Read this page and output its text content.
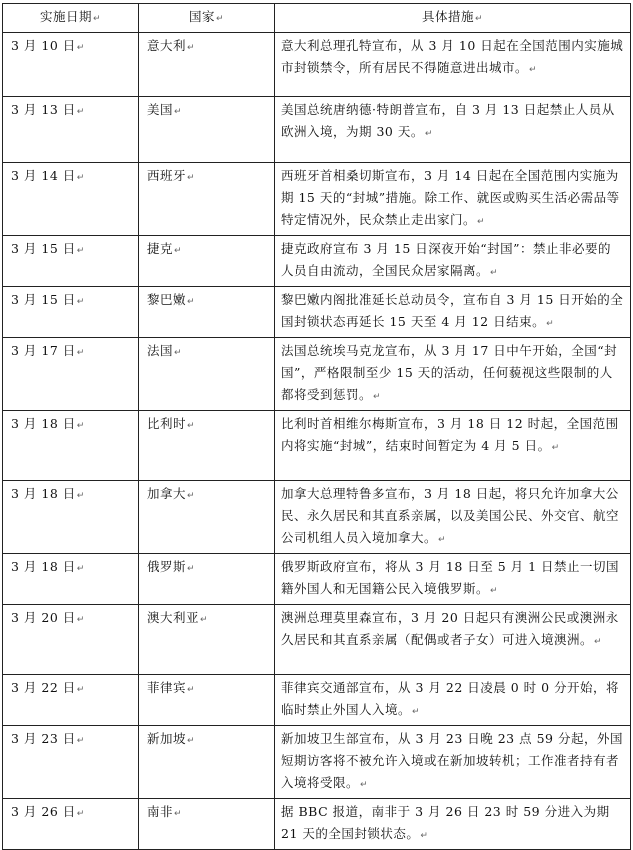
实施日期↵	国家↵	具体措施↵
3 月 10 日↵	意大利↵	意大利总理孔特宣布，从 3 月 10 日起在全国范围内实施城市封锁禁令，所有居民不得随意进出城市。↵
3 月 13 日↵	美国↵	美国总统唐纳德·特朗普宣布，自 3 月 13 日起禁止人员从欧洲入境，为期 30 天。↵
3 月 14 日↵	西班牙↵	西班牙首相桑切斯宣布，3 月 14 日起在全国范围内实施为期 15 天的“封城”措施。除工作、就医或购买生活必需品等特定情况外，民众禁止走出家门。↵
3 月 15 日↵	捷克↵	捷克政府宣布 3 月 15 日深夜开始“封国”：禁止非必要的人员自由流动，全国民众居家隔离。↵
3 月 15 日↵	黎巴嫩↵	黎巴嫩内阁批准延长总动员令，宣布自 3 月 15 日开始的全国封锁状态再延长 15 天至 4 月 12 日结束。↵
3 月 17 日↵	法国↵	法国总统埃马克龙宣布，从 3 月 17 日中午开始，全国“封国”，严格限制至少 15 天的活动，任何藐视这些限制的人都将受到惩罚。↵
3 月 18 日↵	比利时↵	比利时首相维尔梅斯宣布，3 月 18 日 12 时起，全国范围内将实施“封城”，结束时间暂定为 4 月 5 日。↵
3 月 18 日↵	加拿大↵	加拿大总理特鲁多宣布，3 月 18 日起，将只允许加拿大公民、永久居民和其直系亲属，以及美国公民、外交官、航空公司机组人员入境加拿大。↵
3 月 18 日↵	俄罗斯↵	俄罗斯政府宣布，将从 3 月 18 日至 5 月 1 日禁止一切国籍外国人和无国籍公民入境俄罗斯。↵
3 月 20 日↵	澳大利亚↵	澳洲总理莫里森宣布，3 月 20 日起只有澳洲公民或澳洲永久居民和其直系亲属（配偶或者子女）可进入境澳洲。↵
3 月 22 日↵	菲律宾↵	菲律宾交通部宣布，从 3 月 22 日凌晨 0 时 0 分开始，将临时禁止外国人入境。↵
3 月 23 日↵	新加坡↵	新加坡卫生部宣布，从 3 月 23 日晚 23 点 59 分起，外国短期访客将不被允许入境或在新加坡转机；工作准者持有者入境将受限。↵
3 月 26 日↵	南非↵	据 BBC 报道，南非于 3 月 26 日 23 时 59 分进入为期 21 天的全国封锁状态。↵
